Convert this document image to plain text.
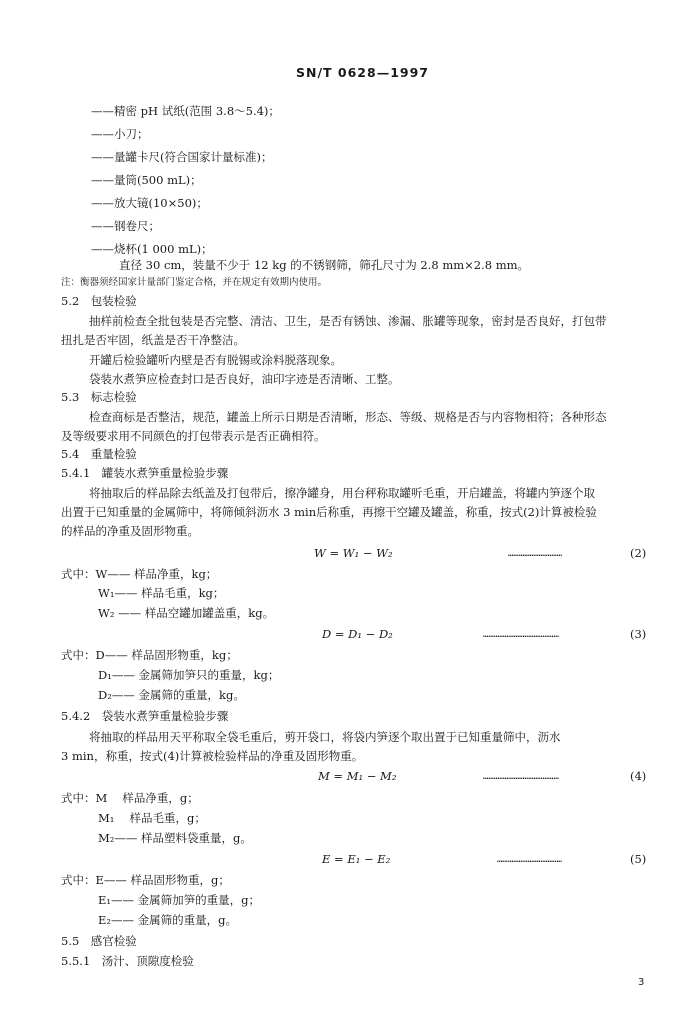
SN/T 0628—1997
——精密 pH 试纸(范围 3.8～5.4)；
——小刀；
——量罐卡尺(符合国家计量标准)；
——量筒(500 mL)；
——放大镜(10×50)；
——钢卷尺；
——烧杯(1 000 mL)；
直径 30 cm，装量不少于 12 kg 的不锈钢筛，筛孔尺寸为 2.8 mm×2.8 mm。
注：衡器须经国家计量部门鉴定合格，并在规定有效期内使用。
5.2　包装检验
抽样前检查全批包装是否完整、清洁、卫生，是否有锈蚀、渗漏、胀罐等现象，密封是否良好，打包带
扭扎是否牢固，纸盖是否干净整洁。
开罐后检验罐听内壁是否有脱锡或涂料脱落现象。
袋装水煮笋应检查封口是否良好，油印字迹是否清晰、工整。
5.3　标志检验
检查商标是否整洁，规范，罐盖上所示日期是否清晰，形态、等级、规格是否与内容物相符；各种形态
及等级要求用不同颜色的打包带表示是否正确相符。
5.4　重量检验
5.4.1　罐装水煮笋重量检验步骤
将抽取后的样品除去纸盖及打包带后，擦净罐身，用台秤称取罐听毛重，开启罐盖，将罐内笋逐个取
出置于已知重量的金属筛中，将筛倾斜沥水 3 min后称重，再擦干空罐及罐盖，称重，按式(2)计算被检验
的样品的净重及固形物重。
W = W₁ − W₂	…………………………	(2)
式中：W—— 样品净重，kg；
W₁—— 样品毛重，kg；
W₂ —— 样品空罐加罐盖重，kg。
D = D₁ − D₂	……………………………………	(3)
式中：D—— 样品固形物重，kg；
D₁—— 金属筛加笋只的重量，kg；
D₂—— 金属筛的重量，kg。
5.4.2　袋装水煮笋重量检验步骤
将抽取的样品用天平称取全袋毛重后，剪开袋口，将袋内笋逐个取出置于已知重量筛中，沥水
3 min，称重，按式(4)计算被检验样品的净重及固形物重。
M = M₁ − M₂	……………………………………	(4)
式中：M　 样品净重，g；
M₁　 样品毛重，g；
M₂—— 样品塑料袋重量，g。
E = E₁ − E₂	………………………………	(5)
式中：E—— 样品固形物重，g；
E₁—— 金属筛加笋的重量，g；
E₂—— 金属筛的重量，g。
5.5　感官检验
5.5.1　汤汁、顶隙度检验
3
